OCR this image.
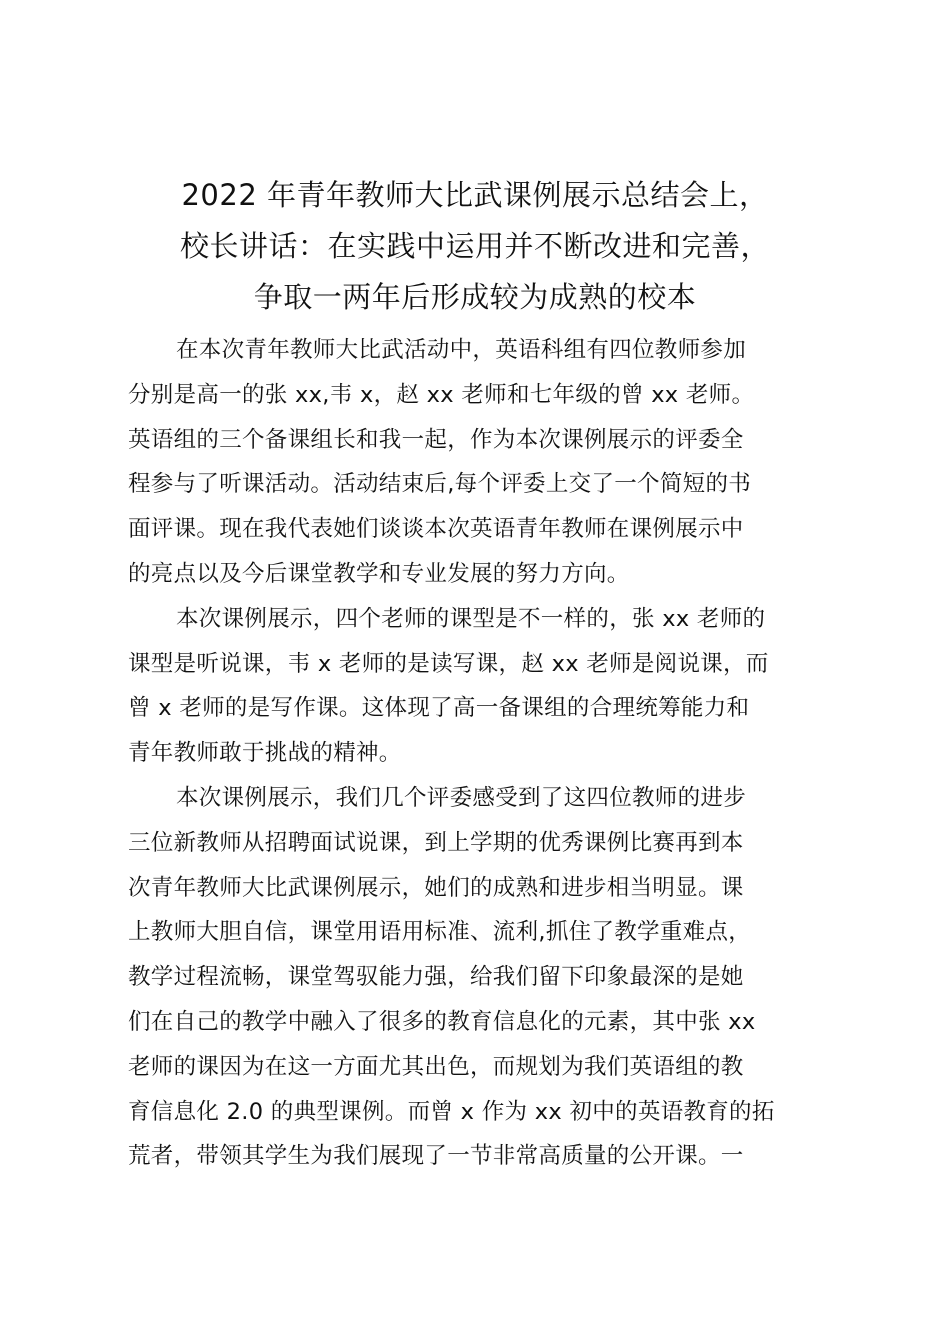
2022 年青年教师大比武课例展示总结会上，
校长讲话：在实践中运用并不断改进和完善，
争取一两年后形成较为成熟的校本
在本次青年教师大比武活动中，英语科组有四位教师参加
分别是高一的张 xx,韦 x，赵 xx 老师和七年级的曾 xx 老师。
英语组的三个备课组长和我一起，作为本次课例展示的评委全
程参与了听课活动。活动结束后,每个评委上交了一个简短的书
面评课。现在我代表她们谈谈本次英语青年教师在课例展示中
的亮点以及今后课堂教学和专业发展的努力方向。
本次课例展示，四个老师的课型是不一样的，张 xx 老师的
课型是听说课，韦 x 老师的是读写课，赵 xx 老师是阅说课，而
曾 x 老师的是写作课。这体现了高一备课组的合理统筹能力和
青年教师敢于挑战的精神。
本次课例展示，我们几个评委感受到了这四位教师的进步
三位新教师从招聘面试说课，到上学期的优秀课例比赛再到本
次青年教师大比武课例展示，她们的成熟和进步相当明显。课
上教师大胆自信，课堂用语用标准、流利,抓住了教学重难点，
教学过程流畅，课堂驾驭能力强，给我们留下印象最深的是她
们在自己的教学中融入了很多的教育信息化的元素，其中张 xx
老师的课因为在这一方面尤其出色，而规划为我们英语组的教
育信息化 2.0 的典型课例。而曾 x 作为 xx 初中的英语教育的拓
荒者，带领其学生为我们展现了一节非常高质量的公开课。一
